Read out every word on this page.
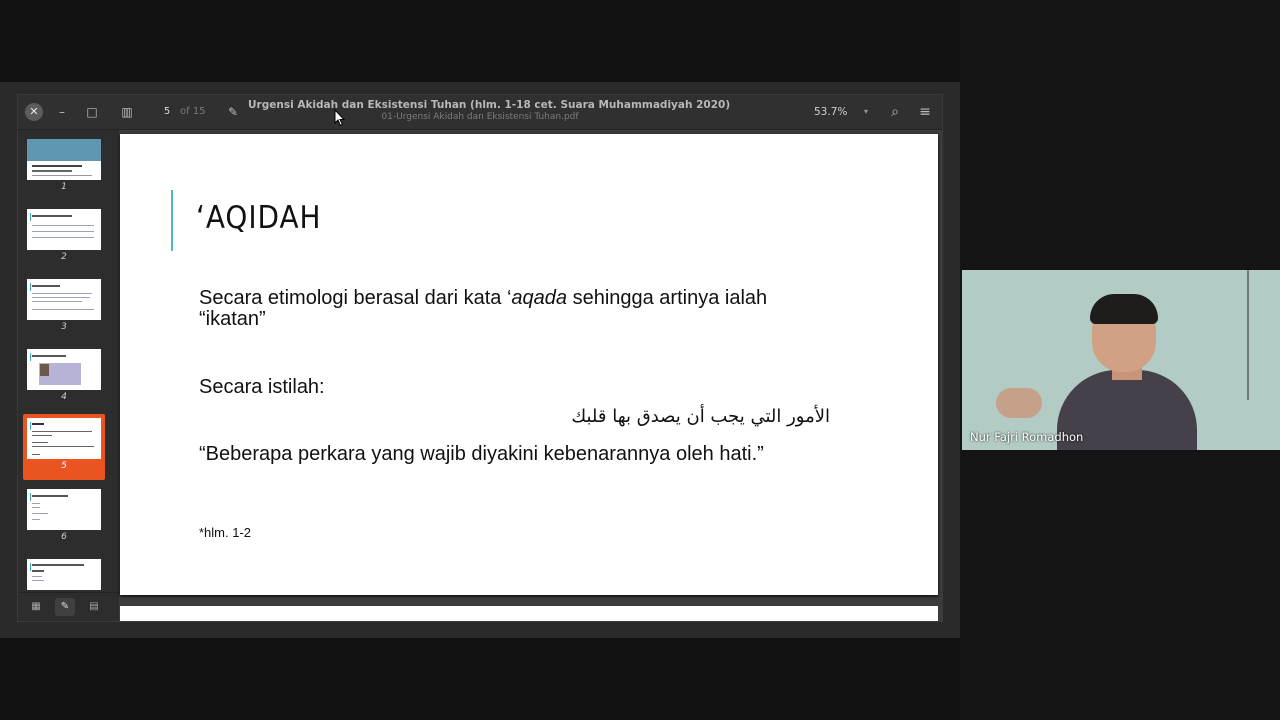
✕	–	□	▥	5 of 15	✎ Urgensi Akidah dan Eksistensi Tuhan (hlm. 1-18 cet. Suara Muhammadiyah 2020)
01-Urgensi Akidah dan Eksistensi Tuhan.pdf	53.7% ▾	⌕	≡
1
2
3
4
5
6
▦	✎	▤
‘AQIDAH
Secara etimologi berasal dari kata ‘aqada sehingga artinya ialah “ikatan”
Secara istilah:
الأمور التي يجب أن يصدق بها قلبك
“Beberapa perkara yang wajib diyakini kebenarannya oleh hati.”
*hlm. 1-2
Nur Fajri Romadhon
